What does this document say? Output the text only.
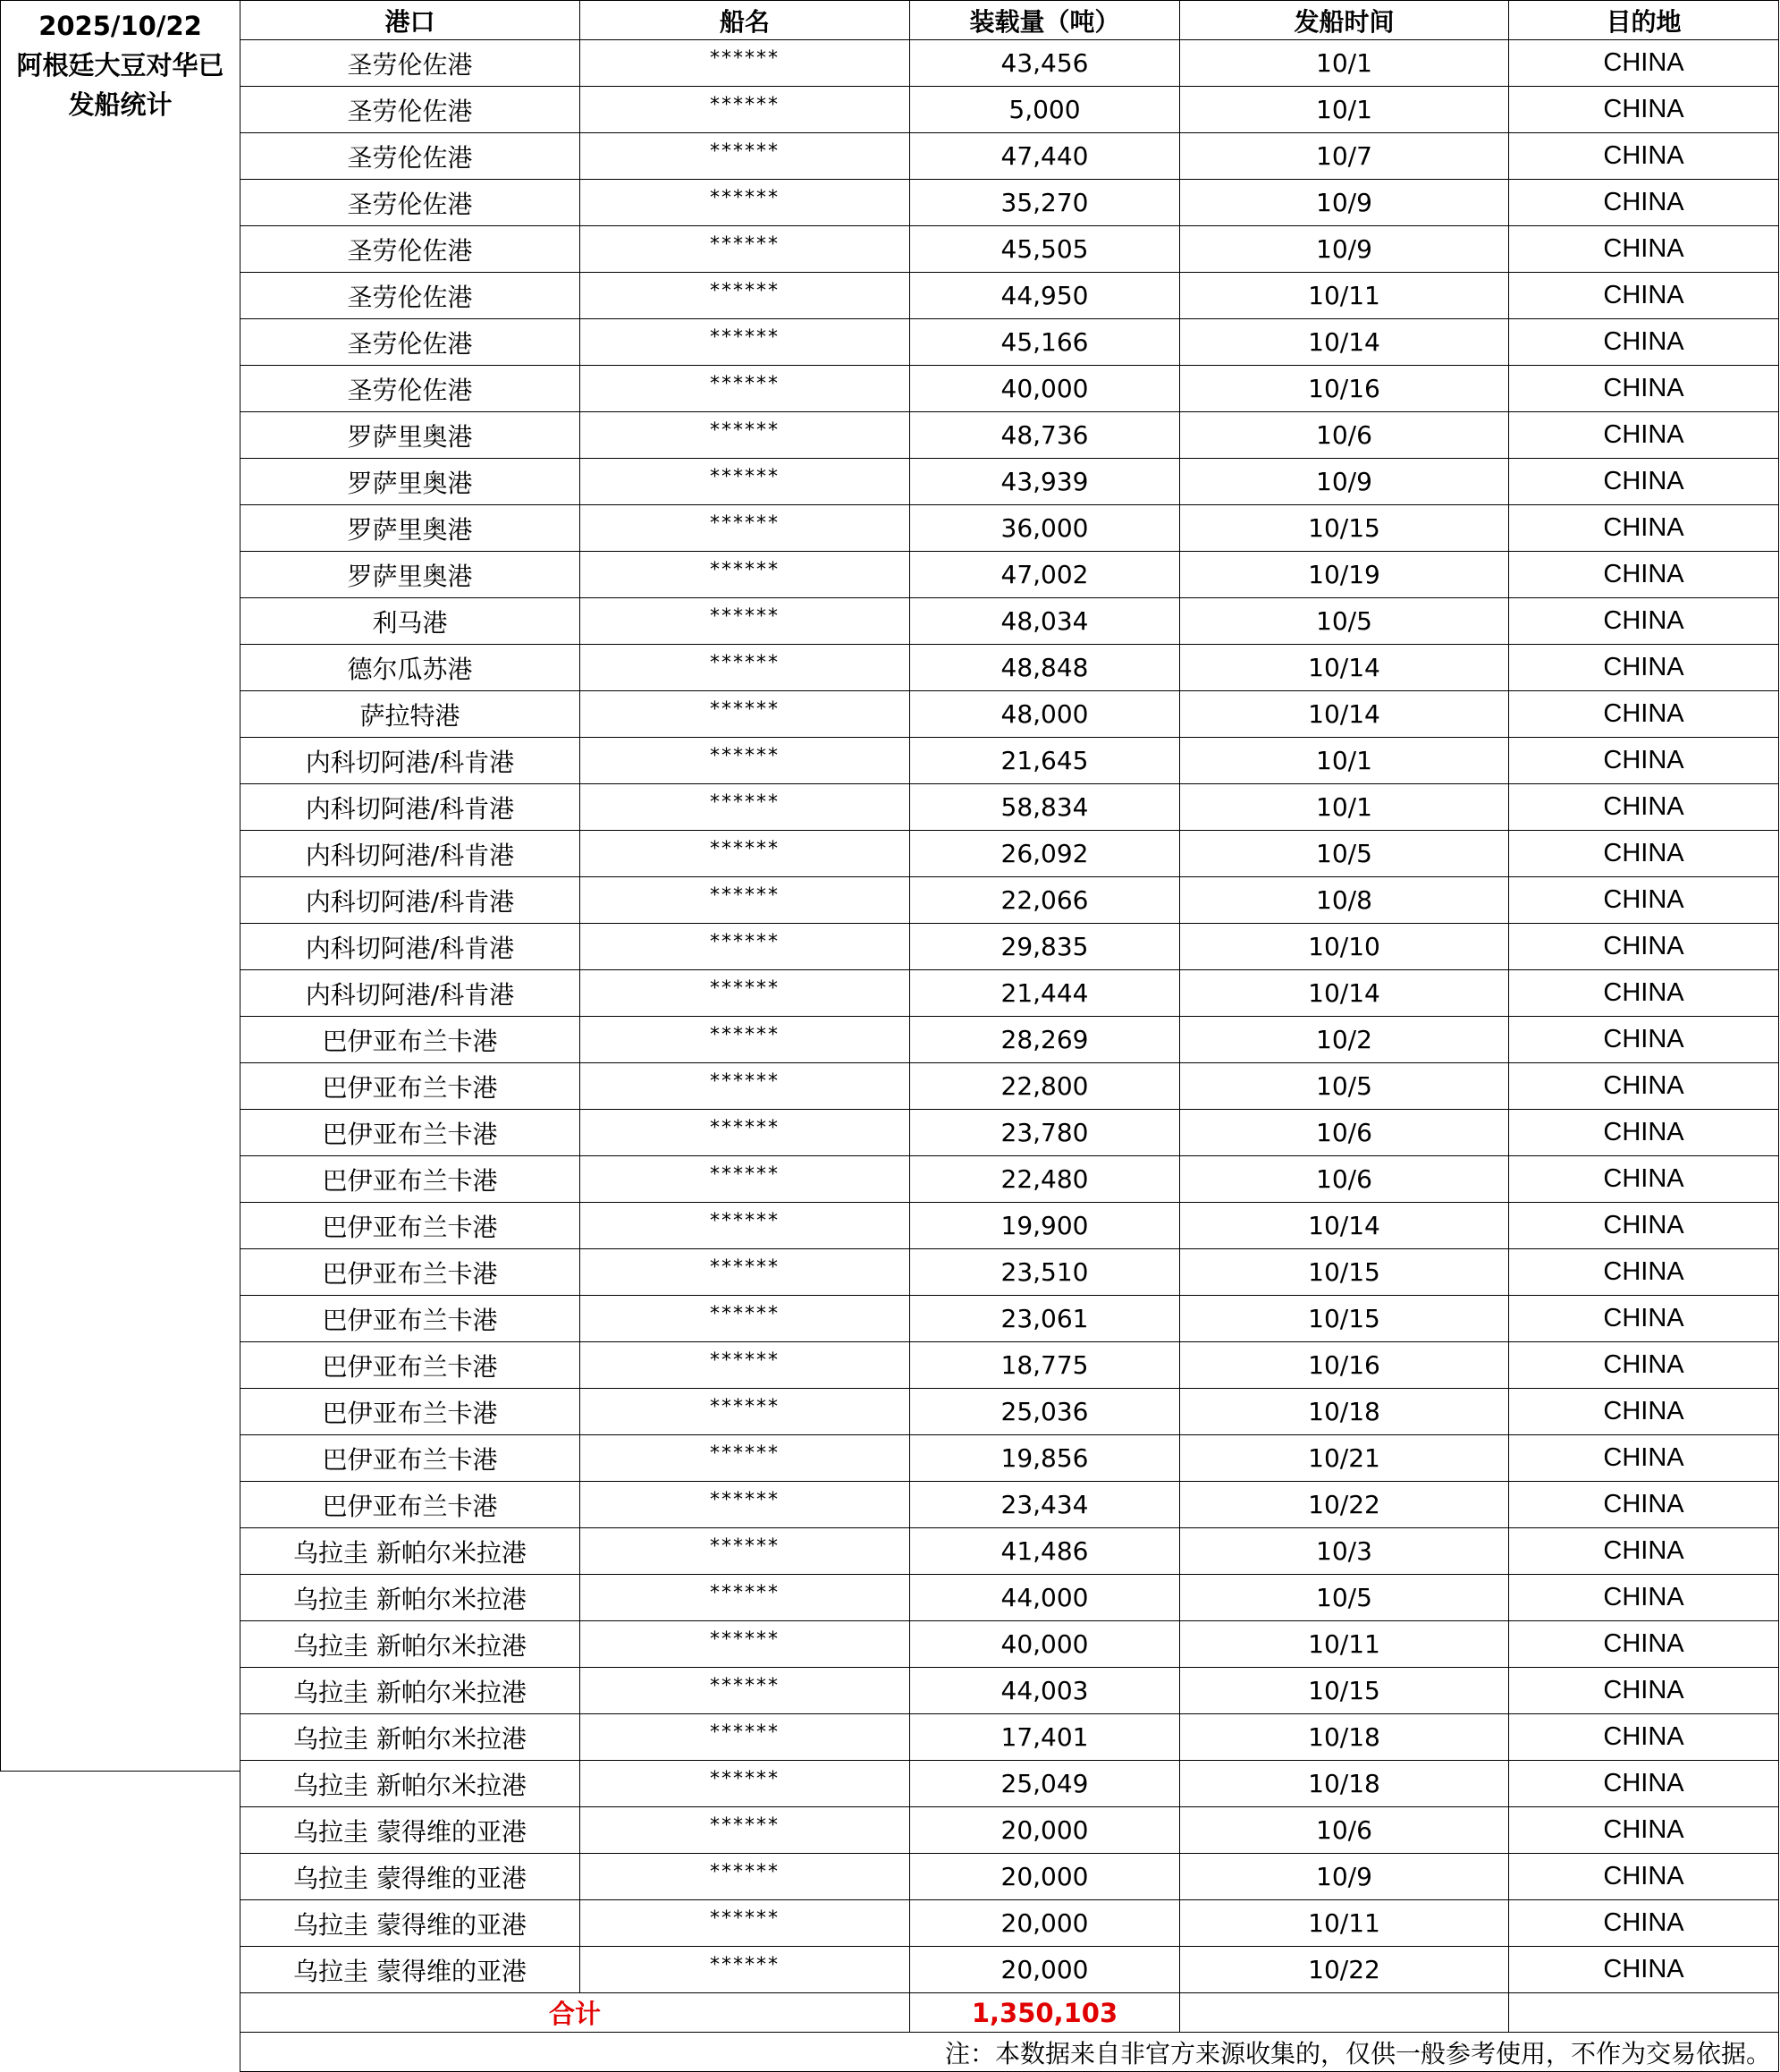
2025/10/22
阿根廷大豆对华已
发船统计
港口	船名	装载量（吨）	发船时间	目的地
圣劳伦佐港	******	43,456	10/1	CHINA
圣劳伦佐港	******	5,000	10/1	CHINA
圣劳伦佐港	******	47,440	10/7	CHINA
圣劳伦佐港	******	35,270	10/9	CHINA
圣劳伦佐港	******	45,505	10/9	CHINA
圣劳伦佐港	******	44,950	10/11	CHINA
圣劳伦佐港	******	45,166	10/14	CHINA
圣劳伦佐港	******	40,000	10/16	CHINA
罗萨里奥港	******	48,736	10/6	CHINA
罗萨里奥港	******	43,939	10/9	CHINA
罗萨里奥港	******	36,000	10/15	CHINA
罗萨里奥港	******	47,002	10/19	CHINA
利马港	******	48,034	10/5	CHINA
德尔瓜苏港	******	48,848	10/14	CHINA
萨拉特港	******	48,000	10/14	CHINA
内科切阿港/科肯港	******	21,645	10/1	CHINA
内科切阿港/科肯港	******	58,834	10/1	CHINA
内科切阿港/科肯港	******	26,092	10/5	CHINA
内科切阿港/科肯港	******	22,066	10/8	CHINA
内科切阿港/科肯港	******	29,835	10/10	CHINA
内科切阿港/科肯港	******	21,444	10/14	CHINA
巴伊亚布兰卡港	******	28,269	10/2	CHINA
巴伊亚布兰卡港	******	22,800	10/5	CHINA
巴伊亚布兰卡港	******	23,780	10/6	CHINA
巴伊亚布兰卡港	******	22,480	10/6	CHINA
巴伊亚布兰卡港	******	19,900	10/14	CHINA
巴伊亚布兰卡港	******	23,510	10/15	CHINA
巴伊亚布兰卡港	******	23,061	10/15	CHINA
巴伊亚布兰卡港	******	18,775	10/16	CHINA
巴伊亚布兰卡港	******	25,036	10/18	CHINA
巴伊亚布兰卡港	******	19,856	10/21	CHINA
巴伊亚布兰卡港	******	23,434	10/22	CHINA
乌拉圭 新帕尔米拉港	******	41,486	10/3	CHINA
乌拉圭 新帕尔米拉港	******	44,000	10/5	CHINA
乌拉圭 新帕尔米拉港	******	40,000	10/11	CHINA
乌拉圭 新帕尔米拉港	******	44,003	10/15	CHINA
乌拉圭 新帕尔米拉港	******	17,401	10/18	CHINA
乌拉圭 新帕尔米拉港	******	25,049	10/18	CHINA
乌拉圭 蒙得维的亚港	******	20,000	10/6	CHINA
乌拉圭 蒙得维的亚港	******	20,000	10/9	CHINA
乌拉圭 蒙得维的亚港	******	20,000	10/11	CHINA
乌拉圭 蒙得维的亚港	******	20,000	10/22	CHINA
合计		1,350,103		
注：本数据来自非官方来源收集的，仅供一般参考使用，不作为交易依据。				
